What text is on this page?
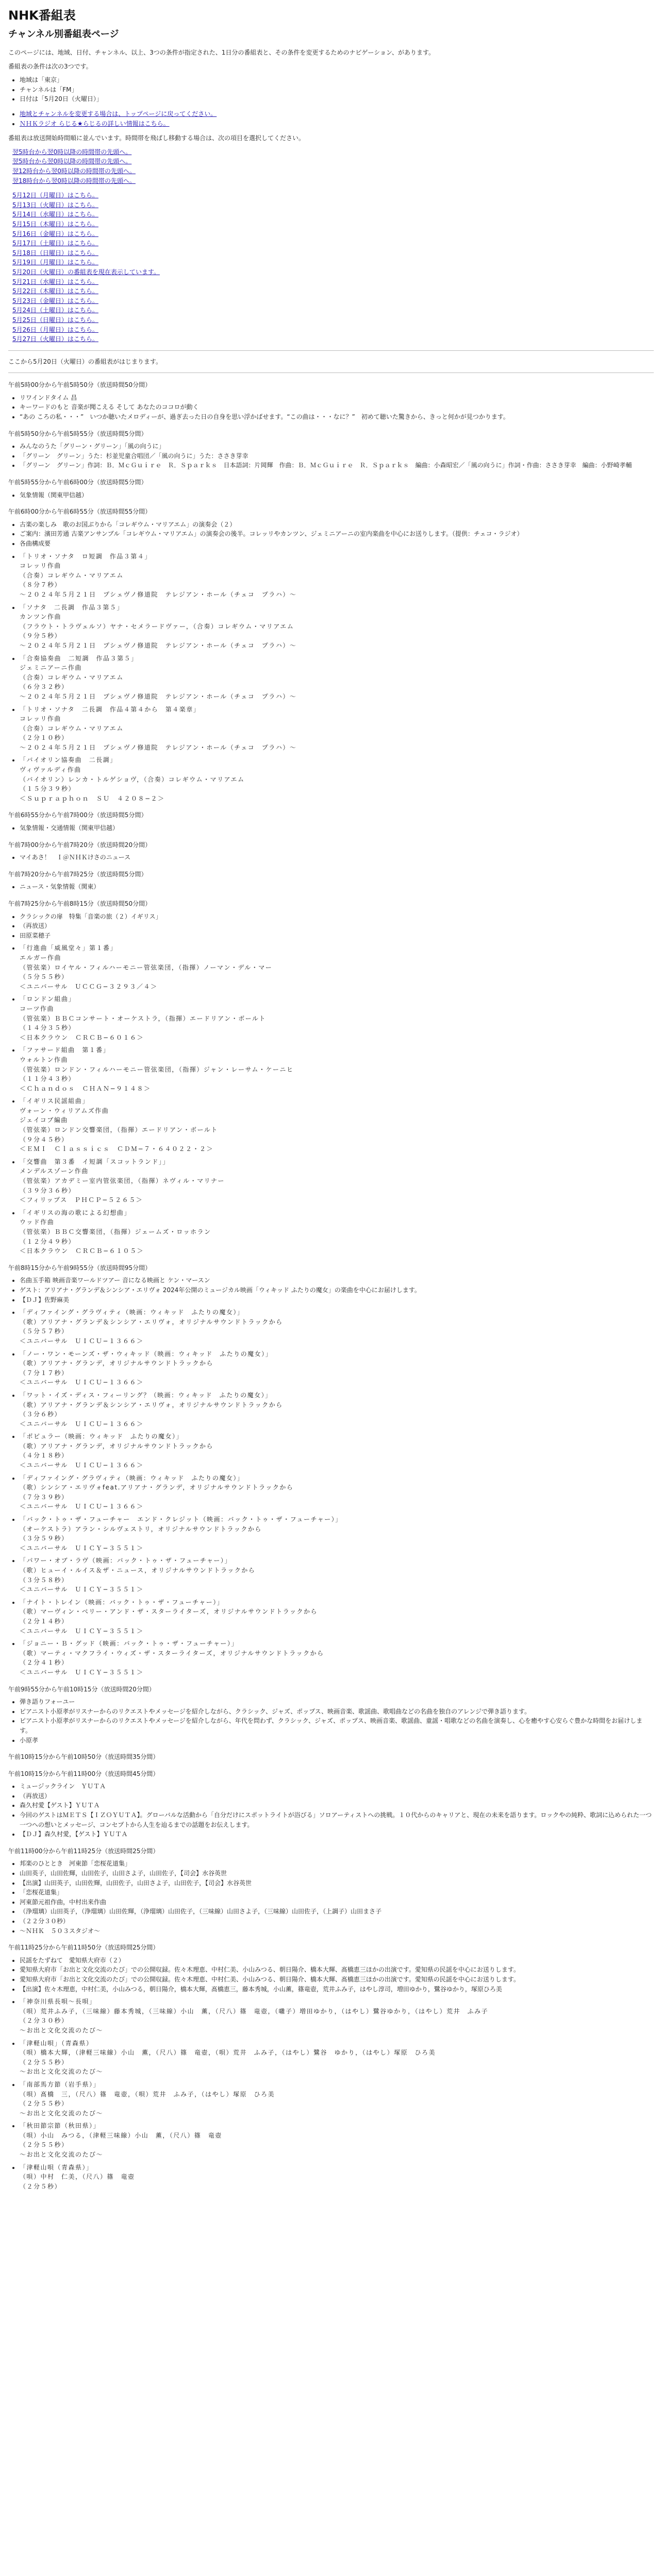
NHK番組表
チャンネル別番組表ページ

このページには、地域、日付、チャンネル、以上、3つの条件が指定された、1日分の番組表と、その条件を変更するためのナビゲーション、があります。

番組表の条件は次の3つです。

• 地域は「東京」
• チャンネルは「FM」
• 日付は「5月20日（火曜日）」
• 地域とチャンネルを変更する場合は、トップページに戻ってください。
• ＮＨＫラジオ らじる★らじるの詳しい情報はこちら。

番組表は放送開始時間順に並んでいます。時間帯を飛ばし移動する場合は、次の項目を選択してください。

翌5時台から翌0時以降の時間帯の先頭へ。
翌5時台から翌0時以降の時間帯の先頭へ。
翌12時台から翌0時以降の時間帯の先頭へ。
翌18時台から翌0時以降の時間帯の先頭へ。
5月12日（月曜日）はこちら。
5月13日（火曜日）はこちら。
5月14日（水曜日）はこちら。
5月15日（木曜日）はこちら。
5月16日（金曜日）はこちら。
5月17日（土曜日）はこちら。
5月18日（日曜日）はこちら。
5月19日（月曜日）はこちら。
5月20日（火曜日）の番組表を現在表示しています。
5月21日（水曜日）はこちら。
5月22日（木曜日）はこちら。
5月23日（金曜日）はこちら。
5月24日（土曜日）はこちら。
5月25日（日曜日）はこちら。
5月26日（月曜日）はこちら。
5月27日（火曜日）はこちら。

ここから5月20日（火曜日）の番組表がはじまります。

午前5時00分から午前5時50分（放送時間50分間）

• リワインドタイム 昌
• キーワードのもと 音楽が聞こえる そして あなたのココロが動く
• “あの ころの私・・・”　いつか聴いたメロディーが、過ぎ去った日の自身を思い浮かばせます。“この曲は・・・なに？”　初めて聴いた驚きから、きっと何かが見つかります。

午前5時50分から午前5時55分（放送時間5分間）

• みんなのうた「グリーン・グリーン」「風の向うに」
• 「グリーン　グリーン」うた：杉並児童合唱団／「風の向うに」うた：ささき芽幸
• 「グリーン　グリーン」作詞：Ｂ．ＭｃＧｕｉｒｅ　Ｒ．Ｓｐａｒｋｓ　日本語詞：片岡輝　作曲：Ｂ．ＭｃＧｕｉｒｅ　Ｒ．Ｓｐａｒｋｓ　編曲：小森昭宏／「風の向うに」作詞・作曲：ささき芽幸　編曲：小野崎孝輔

午前5時55分から午前6時00分（放送時間5分間）

• 気象情報（関東甲信越）

午前6時00分から午前6時55分（放送時間55分間）

• 古楽の楽しみ　歌のお国ぶりから「コレギウム・マリアエム」の演奏会（２）
• ご案内：濱田芳通 古楽アンサンブル「コレギウム・マリアエム」の演奏会の後半。コレッリやカンツン、ジェミニアーニの室内楽曲を中心にお送りします。（提供：チェコ・ラジオ）
• 各曲構成要
• 「トリオ・ソナタ　ロ短調　作品３第４」
コレッリ作曲
（合奏）コレギウム・マリアエム
（８分７秒）
〜２０２４年５月２１日　プシェヴノ修道院　テレジアン・ホール（チェコ　プラハ）〜
• 「ソナタ　二長調　作品３第５」
カンツン作曲
（フラウト・トラヴェルソ）ヤナ・セメラードヴァー，（合奏）コレギウム・マリアエム
（９分５秒）
〜２０２４年５月２１日　プシェヴノ修道院　テレジアン・ホール（チェコ　プラハ）〜
• 「合奏協奏曲　二短調　作品３第５」
ジェミニアーニ作曲
（合奏）コレギウム・マリアエム
（６分３２秒）
〜２０２４年５月２１日　プシェヴノ修道院　テレジアン・ホール（チェコ　プラハ）〜
• 「トリオ・ソナタ　二長調　作品４第４から　第４楽章」
コレッリ作曲
（合奏）コレギウム・マリアエム
（２分１０秒）
〜２０２４年５月２１日　プシェヴノ修道院　テレジアン・ホール（チェコ　プラハ）〜
• 「バイオリン協奏曲　二長調」
ヴィヴァルディ作曲
（バイオリン）レンカ・トルゲショヴ，（合奏）コレギウム・マリアエム
（１５分３９秒）
＜Ｓｕｐｒａｐｈｏｎ　ＳＵ　４２０８−２＞

午前6時55分から午前7時00分（放送時間5分間）

• 気象情報・交通情報（関東甲信越）

午前7時00分から午前7時20分（放送時間20分間）

• マイあさ！　Ｉ＠ＮＨＫけさのニュース

午前7時20分から午前7時25分（放送時間5分間）

• ニュース・気象情報（関東）

午前7時25分から午前8時15分（放送時間50分間）

• クラシックの扉　特集「音楽の旅（２）イギリス」
• （再放送）
• 田原菜穂子
• 「行進曲「威風堂々」第１番」
エルガー作曲
（管弦楽）ロイヤル・フィルハーモニー管弦楽団，（指揮）ノーマン・デル・マー
（５分５５秒）
＜ユニバーサル　ＵＣＣＧ−３２９３／４＞
• 「ロンドン組曲」
コーツ作曲
（管弦楽）ＢＢＣコンサート・オーケストラ，（指揮）エードリアン・ボールト
（１４分３５秒）
＜日本クラウン　ＣＲＣＢ−６０１６＞
• 「ファサード組曲　第１番」
ウォルトン作曲
（管弦楽）ロンドン・フィルハーモニー管弦楽団，（指揮）ジャン・レーサム・ケーニヒ
（１１分４３秒）
＜Ｃｈａｎｄｏｓ　ＣＨＡＮ−９１４８＞
• 「イギリス民謡組曲」
ヴォーン・ウィリアムズ作曲
ジェイコブ編曲
（管弦楽）ロンドン交響楽団，（指揮）エードリアン・ボールト
（９分４５秒）
＜ＥＭＩ　Ｃｌａｓｓｉｃｓ　ＣＤＭ−７・６４０２２・２＞
• 「交響曲　第３番　イ短調「スコットランド」」
メンデルスゾーン作曲
（管弦楽）アカデミー室内管弦楽団，（指揮）ネヴィル・マリナー
（３９分３６秒）
＜フィリップス　ＰＨＣＰ−５２６５＞
• 「イギリスの海の歌による幻想曲」
ウッド作曲
（管弦楽）ＢＢＣ交響楽団，（指揮）ジェームズ・ロッホラン
（１２分４９秒）
＜日本クラウン　ＣＲＣＢ−６１０５＞

午前8時15分から午前9時55分（放送時間95分間）

• 名曲玉手箱 映画音楽ワールドツアー 音になる映画と ケン・マースン
• ゲスト：アリアナ・グランデ＆シンシア・エリヴォ 2024年公開のミュージカル映画「ウィキッド ふたりの魔女」の楽曲を中心にお届けします。
• 【ＤＪ】佐野麻美
• 「ディファイング・グラヴィティ（映画：ウィキッド　ふたりの魔女）」
（歌）アリアナ・グランデ＆シンシア・エリヴォ，オリジナルサウンドトラックから
（５分５７秒）
＜ユニバーサル　ＵＩＣＵ−１３６６＞
• 「ノー・ワン・モーンズ・ザ・ウィキッド（映画：ウィキッド　ふたりの魔女）」
（歌）アリアナ・グランデ，オリジナルサウンドトラックから
（７分１７秒）
＜ユニバーサル　ＵＩＣＵ−１３６６＞
• 「ワット・イズ・ディス・フィーリング？（映画：ウィキッド　ふたりの魔女）」
（歌）アリアナ・グランデ＆シンシア・エリヴォ，オリジナルサウンドトラックから
（３分６秒）
＜ユニバーサル　ＵＩＣＵ−１３６６＞
• 「ポピュラー（映画：ウィキッド　ふたりの魔女）」
（歌）アリアナ・グランデ，オリジナルサウンドトラックから
（４分１８秒）
＜ユニバーサル　ＵＩＣＵ−１３６６＞
• 「ディファイング・グラヴィティ（映画：ウィキッド　ふたりの魔女）」
（歌）シンシア・エリヴォfeat.アリアナ・グランデ，オリジナルサウンドトラックから
（７分３９秒）
＜ユニバーサル　ＵＩＣＵ−１３６６＞
• 「バック・トゥ・ザ・フューチャー　エンド・クレジット（映画：バック・トゥ・ザ・フューチャー）」
（オーケストラ）アラン・シルヴェストリ，オリジナルサウンドトラックから
（３分５９秒）
＜ユニバーサル　ＵＩＣＹ−３５５１＞
• 「パワー・オブ・ラヴ（映画：バック・トゥ・ザ・フューチャー）」
（歌）ヒューイ・ルイス＆ザ・ニュース，オリジナルサウンドトラックから
（３分５８秒）
＜ユニバーサル　ＵＩＣＹ−３５５１＞
• 「ナイト・トレイン（映画：バック・トゥ・ザ・フューチャー）」
（歌）マーヴィン・ベリー・アンド・ザ・スターライターズ，オリジナルサウンドトラックから
（２分１４秒）
＜ユニバーサル　ＵＩＣＹ−３５５１＞
• 「ジョニー・Ｂ・グッド（映画：バック・トゥ・ザ・フューチャー）」
（歌）マーティ・マクフライ・ウィズ・ザ・スターライターズ，オリジナルサウンドトラックから
（２分４１秒）
＜ユニバーサル　ＵＩＣＹ−３５５１＞

午前9時55分から午前10時15分（放送時間20分間）

• 弾き語りフォーユー
• ピアニスト小原孝がリスナーからのリクエストやメッセージを紹介しながら、クラシック、ジャズ、ポップス、映画音楽、歌謡曲、歌唱曲などの名曲を独自のアレンジで弾き語ります。
• ピアニスト小原孝がリスナーからのリクエストやメッセージを紹介しながら、年代を問わず、クラシック、ジャズ、ポップス、映画音楽、歌謡曲、童謡・唱歌などの名曲を演奏し、心を癒やす心安らぐ豊かな時間をお届けします。
• 小原孝

午前10時15分から午前10時50分（放送時間35分間）

午前10時15分から午前11時00分（放送時間45分間）

• ミュージックライン　ＹＵＴＡ
• （再放送）
• 森久村愛【ゲスト】ＹＵＴＡ
• 今回のゲストはＭＥＴＳ【ＩＺＯＹＵＴＡ】。グローバルな活動から「自分だけにスポットライトが浴びる」ソロアーティストへの挑戦。１０代からのキャリアと、現在の未来を語ります。ロックやの純粋、歌詞に込められた一つ一つへの想いとメッセージ、コンセプトから人生を辿るまでの話題をお伝えします。
• 【ＤＪ】森久村愛，【ゲスト】ＹＵＴＡ

午前11時00分から午前11時25分（放送時間25分間）

• 邦楽のひととき　河東節「恋桜花道集」
• 山田英子，山田佐輝，山田佐子，山田さよ子，山田佐子，【司会】水谷英世
• 【出演】山田英子，山田佐輝，山田佐子，山田さよ子，山田佐子，【司会】水谷英世
• 「恋桜花道集」
• 河東節元祖作曲，中村出来作曲
• （浄瑠璃）山田英子，（浄瑠璃）山田佐輝，（浄瑠璃）山田佐子，（三味線）山田さよ子，（三味線）山田佐子，（上調子）山田まさ子
• （２２分３０秒）
• 〜ＮＨＫ　５０３スタジオ〜

午前11時25分から午前11時50分（放送時間25分間）

• 民謡をたずねて　愛知県大府市（２）
• 愛知県大府市「お出と文化交流のたび」での公開収録。佐々木理恵、中村仁美、小山みつる、朝日陽介、橋本大輝、髙橋恵三ほかの出演です。愛知県の民謡を中心にお送りします。
• 愛知県大府市「お出と文化交流のたび」での公開収録。佐々木理恵、中村仁美、小山みつる、朝日陽介、橋本大輝、髙橋恵三ほかの出演です。愛知県の民謡を中心にお送りします。
• 【出演】佐々木理恵，中村仁美，小山みつる，朝日陽介，橋本大輝，髙橋恵三，藤本秀城，小山薫，篠竜壺，荒井ふみ子，はやし淳司，増田ゆかり，鷺谷ゆかり，塚原ひろ美
• 「神奈川県長唄〜長唄」
（唄）荒井ふみ子，（三味線）藤本秀城，（三味線）小山　薫，（尺八）篠　竜壺，（囃子）増田ゆかり，（はやし）鷺谷ゆかり，（はやし）荒井　ふみ子
（２分３０秒）
〜お出と文化交流のたび〜
• 「津軽山唄」（青森県）
（唄）橋本大輝，（津軽三味線）小山　薫，（尺八）篠　竜壺，（唄）荒井　ふみ子，（はやし）鷺谷　ゆかり，（はやし）塚原　ひろ美
（２分５５秒）
〜お出と文化交流のたび〜
• 「南部馬方節（岩手県）」
（唄）髙橋　三，（尺八）篠　竜壺，（唄）荒井　ふみ子，（はやし）塚原　ひろ美
（２分５５秒）
〜お出と文化交流のたび〜
• 「秋田節宗節（秋田県）」
（唄）小山　みつる，（津軽三味線）小山　薫，（尺八）篠　竜壺
（２分５５秒）
〜お出と文化交流のたび〜
• 「津軽山唄（青森県）」
（唄）中村　仁美，（尺八）篠　竜壺
（２分５秒）
